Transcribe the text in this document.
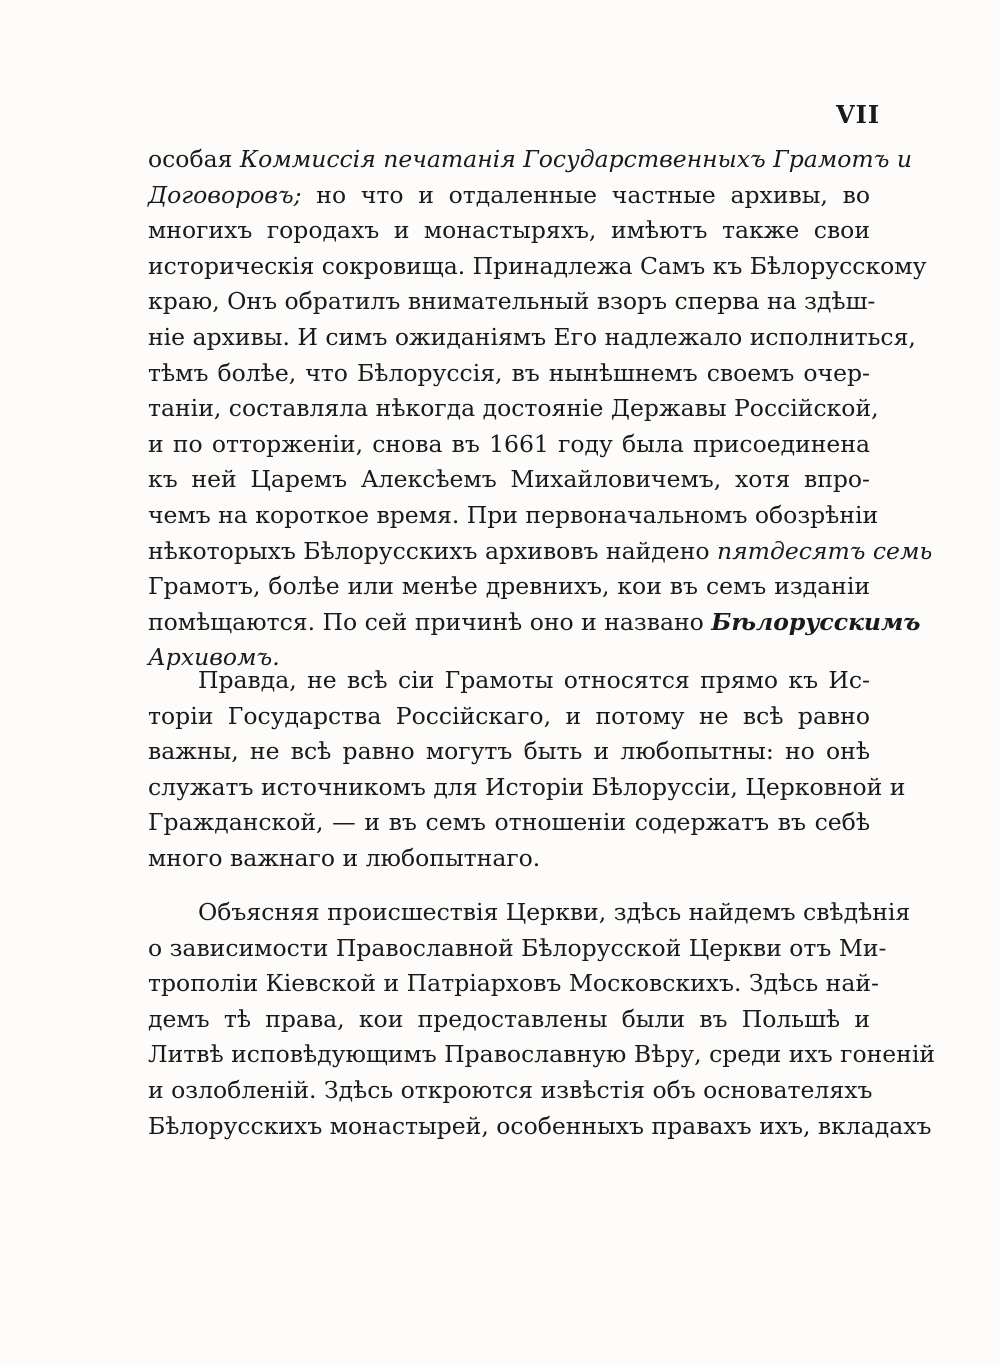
VII
особая Коммиссія печатанія Государственныхъ Грамотъ и
Договоровъ; но что и отдаленные частные архивы, во
многихъ городахъ и монастыряхъ, имѣютъ также свои
историческія сокровища. Принадлежа Самъ къ Бѣлорусскому
краю, Онъ обратилъ внимательный взоръ сперва на здѣш-
ніе архивы. И симъ ожиданіямъ Его надлежало исполниться,
тѣмъ болѣе, что Бѣлоруссія, въ нынѣшнемъ своемъ очер-
таніи, составляла нѣкогда достояніе Державы Россійской,
и по отторженіи, снова въ 1661 году была присоединена
къ ней Царемъ Алексѣемъ Михайловичемъ, хотя впро-
чемъ на короткое время. При первоначальномъ обозрѣніи
нѣкоторыхъ Бѣлорусскихъ архивовъ найдено пятдесятъ семь
Грамотъ, болѣе или менѣе древнихъ, кои въ семъ изданіи
помѣщаются. По сей причинѣ оно и названо Бѣлорусскимъ
Архивомъ.
Правда, не всѣ сіи Грамоты относятся прямо къ Ис-
торіи Государства Россійскаго, и потому не всѣ равно
важны, не всѣ равно могутъ быть и любопытны: но онѣ
служатъ источникомъ для Исторіи Бѣлоруссіи, Церковной и
Гражданской, — и въ семъ отношеніи содержатъ въ себѣ
много важнаго и любопытнаго.
Объясняя происшествія Церкви, здѣсь найдемъ свѣдѣнія
о зависимости Православной Бѣлорусской Церкви отъ Ми-
трополіи Кіевской и Патріарховъ Московскихъ. Здѣсь най-
демъ тѣ права, кои предоставлены были въ Польшѣ и
Литвѣ исповѣдующимъ Православную Вѣру, среди ихъ гоненій
и озлобленій. Здѣсь откроются извѣстія объ основателяхъ
Бѣлорусскихъ монастырей, особенныхъ правахъ ихъ, вкладахъ
